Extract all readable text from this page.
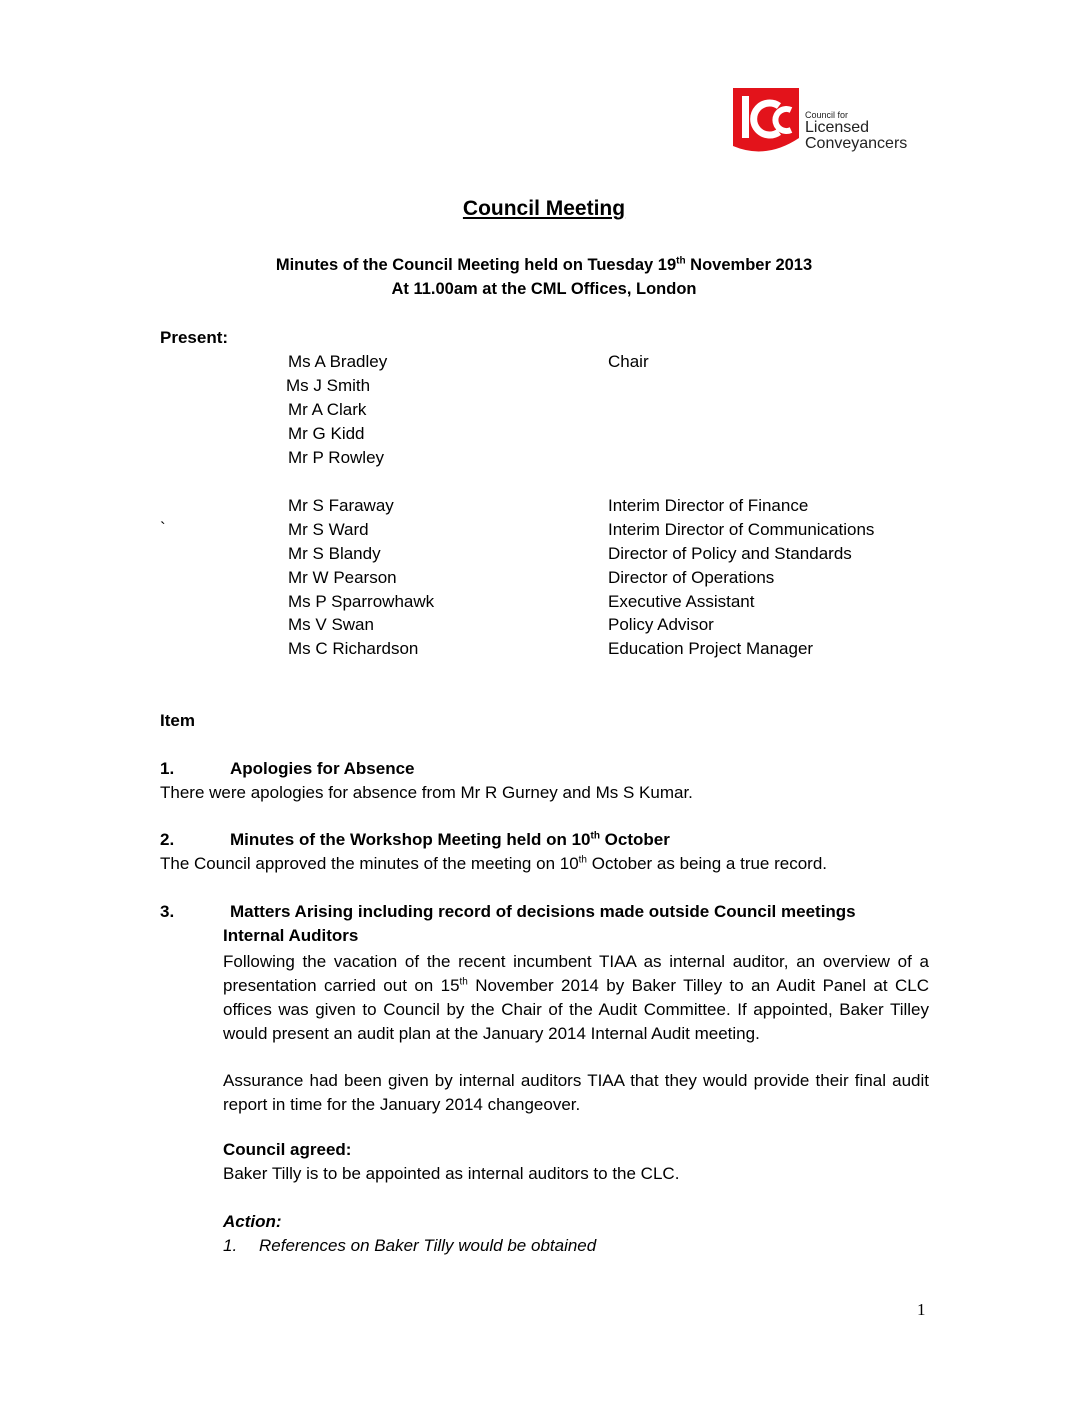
Council for
Licensed
Conveyancers
Council Meeting
Minutes of the Council Meeting held on Tuesday 19th November 2013
At 11.00am at the CML Offices, London
Present:
`
Ms A Bradley	Chair
Ms J Smith
Mr A Clark
Mr G Kidd
Mr P Rowley
Mr S Faraway	Interim Director of Finance
Mr S Ward	Interim Director of Communications
Mr S Blandy	Director of Policy and Standards
Mr W Pearson	Director of Operations
Ms P Sparrowhawk	Executive Assistant
Ms V Swan	Policy Advisor
Ms C Richardson	Education Project Manager
Item
1.	Apologies for Absence
There were apologies for absence from Mr R Gurney and Ms S Kumar.
2.	Minutes of the Workshop Meeting held on 10th October
The Council approved the minutes of the meeting on 10th October as being a true record.
3.	Matters Arising including record of decisions made outside Council meetings
Internal Auditors
Following the vacation of the recent incumbent TIAA as internal auditor, an overview of a presentation carried out on 15th November 2014 by Baker Tilley to an Audit Panel at CLC offices was given to Council by the Chair of the Audit Committee. If appointed, Baker Tilley would present an audit plan at the January 2014 Internal Audit meeting.
Assurance had been given by internal auditors TIAA that they would provide their final audit report in time for the January 2014 changeover.
Council agreed:
Baker Tilly is to be appointed as internal auditors to the CLC.
Action:
1. References on Baker Tilly would be obtained
1
